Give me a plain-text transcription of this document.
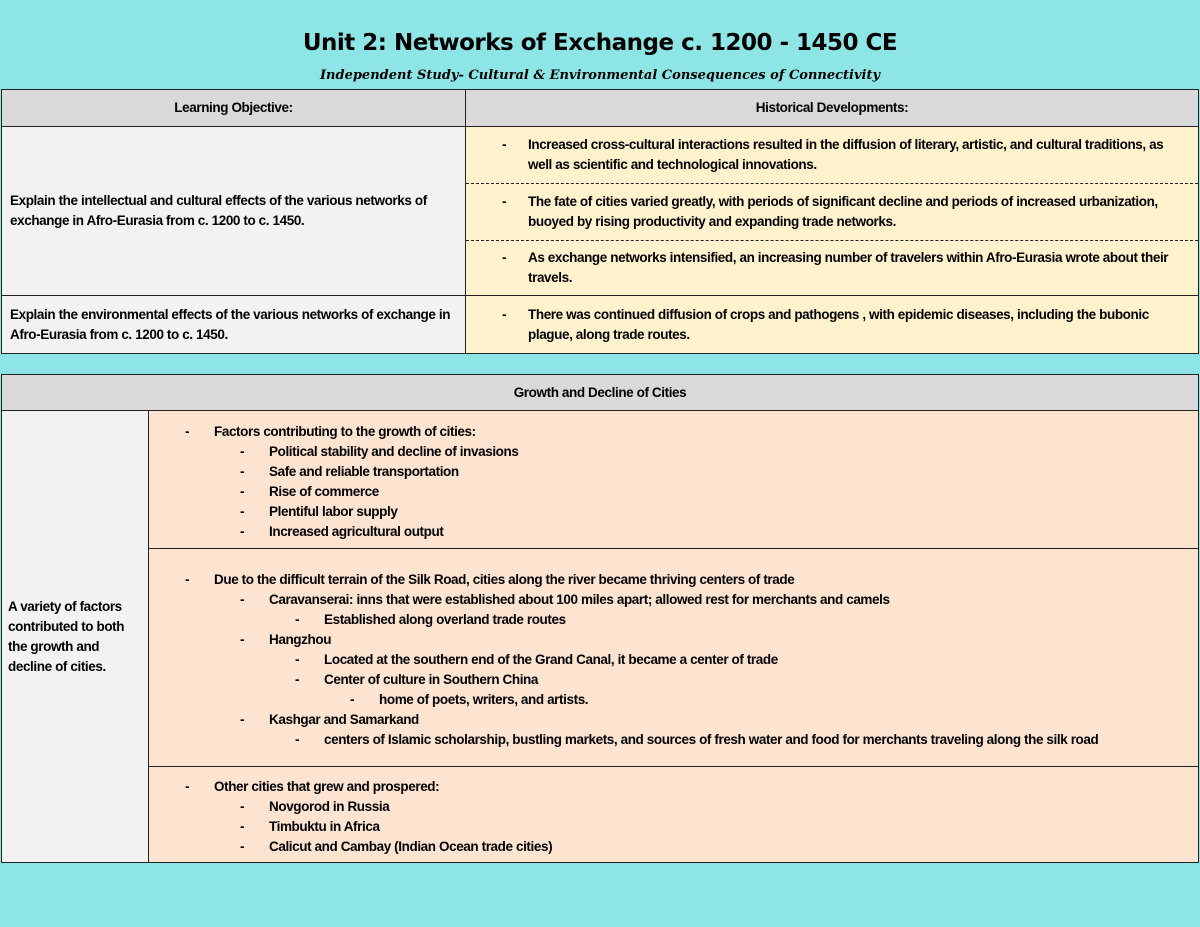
Unit 2: Networks of Exchange c. 1200 - 1450 CE
Independent Study- Cultural & Environmental Consequences of Connectivity
Learning Objective:	Historical Developments:
Explain the intellectual and cultural effects of the various networks of exchange in Afro-Eurasia from c. 1200 to c. 1450.	- Increased cross-cultural interactions resulted in the diffusion of literary, artistic, and cultural traditions, as well as scientific and technological innovations.

	- The fate of cities varied greatly, with periods of significant decline and periods of increased urbanization, buoyed by rising productivity and expanding trade networks.

	- As exchange networks intensified, an increasing number of travelers within Afro-Eurasia wrote about their travels.

Explain the environmental effects of the various networks of exchange in Afro-Eurasia from c. 1200 to c. 1450.	- There was continued diffusion of crops and pathogens , with epidemic diseases, including the bubonic plague, along trade routes.
Growth and Decline of Cities
A variety of factors contributed to both the growth and decline of cities.	
-	Factors contributing to the growth of cities:
-	Political stability and decline of invasions
-	Safe and reliable transportation
-	Rise of commerce
-	Plentiful labor supply
-	Increased agricultural output

-	Due to the difficult terrain of the Silk Road, cities along the river became thriving centers of trade
-	Caravanserai: inns that were established about 100 miles apart; allowed rest for merchants and camels
-	Established along overland trade routes
-	Hangzhou
-	Located at the southern end of the Grand Canal, it became a center of trade
-	Center of culture in Southern China
-	home of poets, writers, and artists.
-	Kashgar and Samarkand
-	centers of Islamic scholarship, bustling markets, and sources of fresh water and food for merchants traveling along the silk road

-	Other cities that grew and prospered:
-	Novgorod in Russia
-	Timbuktu in Africa
-	Calicut and Cambay (Indian Ocean trade cities)
